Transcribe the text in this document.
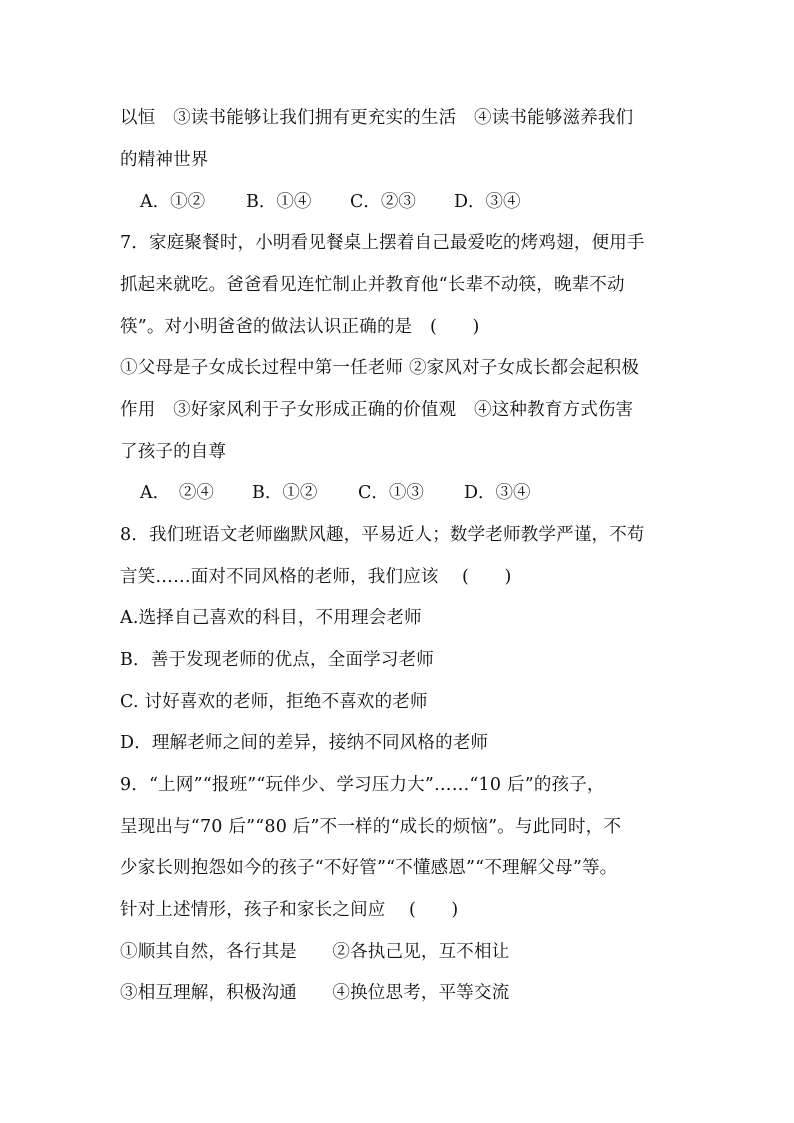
以恒　③读书能够让我们拥有更充实的生活　④读书能够滋养我们
的精神世界
A．①② B．①④ C．②③ D．③④
7．家庭聚餐时，小明看见餐桌上摆着自己最爱吃的烤鸡翅，便用手
抓起来就吃。爸爸看见连忙制止并教育他“长辈不动筷，晚辈不动
筷”。对小明爸爸的做法认识正确的是　(　　)
①父母是子女成长过程中第一任老师 ②家风对子女成长都会起积极
作用　③好家风利于子女形成正确的价值观　④这种教育方式伤害
了孩子的自尊
A．　②④ B．①② C．①③ D．③④
8．我们班语文老师幽默风趣，平易近人；数学老师教学严谨，不苟
言笑……面对不同风格的老师，我们应该　 (　　)
A.选择自己喜欢的科目，不用理会老师
B．善于发现老师的优点，全面学习老师
C. 讨好喜欢的老师，拒绝不喜欢的老师
D．理解老师之间的差异，接纳不同风格的老师
9．“上网”“报班”“玩伴少、学习压力大”……“10 后”的孩子，
呈现出与“70 后”“80 后”不一样的“成长的烦恼”。与此同时，不
少家长则抱怨如今的孩子“不好管”“不懂感恩”“不理解父母”等。
针对上述情形，孩子和家长之间应　 (　　)
①顺其自然，各行其是　　②各执己见，互不相让
③相互理解，积极沟通　　④换位思考，平等交流
